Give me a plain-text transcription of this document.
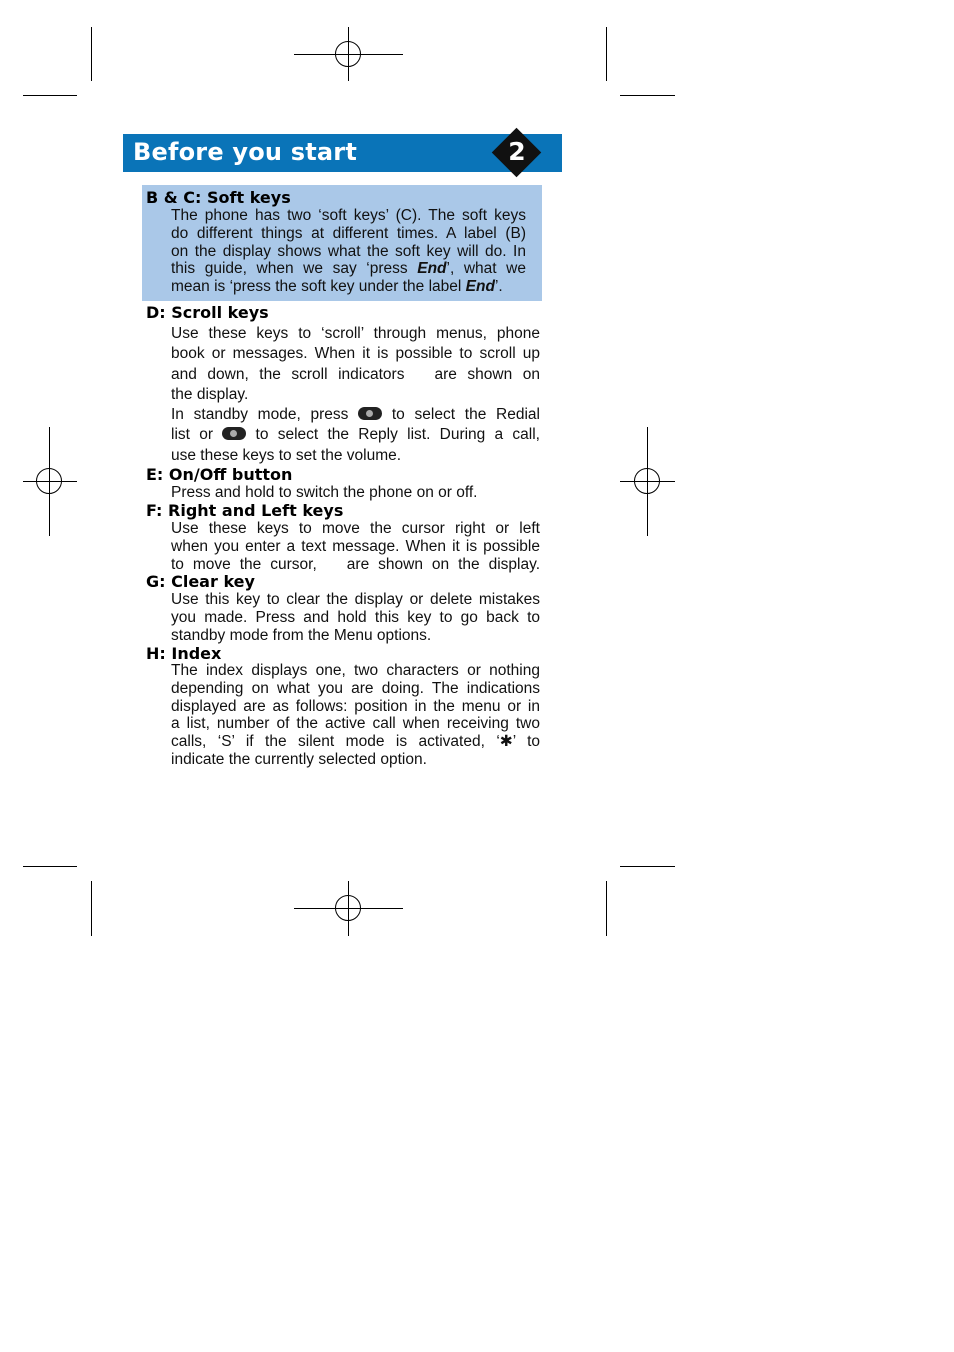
Before you start	2
B & C: Soft keys
The phone has two ‘soft keys’ (C). The soft keys
do different things at different times. A label (B)
on the display shows what the soft key will do. In
this guide, when we say ‘press End’, what we
mean is ‘press the soft key under the label End’.
D: Scroll keys
Use these keys to ‘scroll’ through menus, phone
book or messages. When it is possible to scroll up
and down, the scroll indicators are shown on
the display.
In standby mode, press	to select the Redial
list or	to select the Reply list. During a call,
use these keys to set the volume.
E: On/Off button
Press and hold to switch the phone on or off.
F: Right and Left keys
Use these keys to move the cursor right or left
when you enter a text message. When it is possible
to move the cursor, are shown on the display.
G: Clear key
Use this key to clear the display or delete mistakes
you made. Press and hold this key to go back to
standby mode from the Menu options.
H: Index
The index displays one, two characters or nothing
depending on what you are doing. The indications
displayed are as follows: position in the menu or in
a list, number of the active call when receiving two
calls, ‘S’ if the silent mode is activated, ‘✱’ to
indicate the currently selected option.
